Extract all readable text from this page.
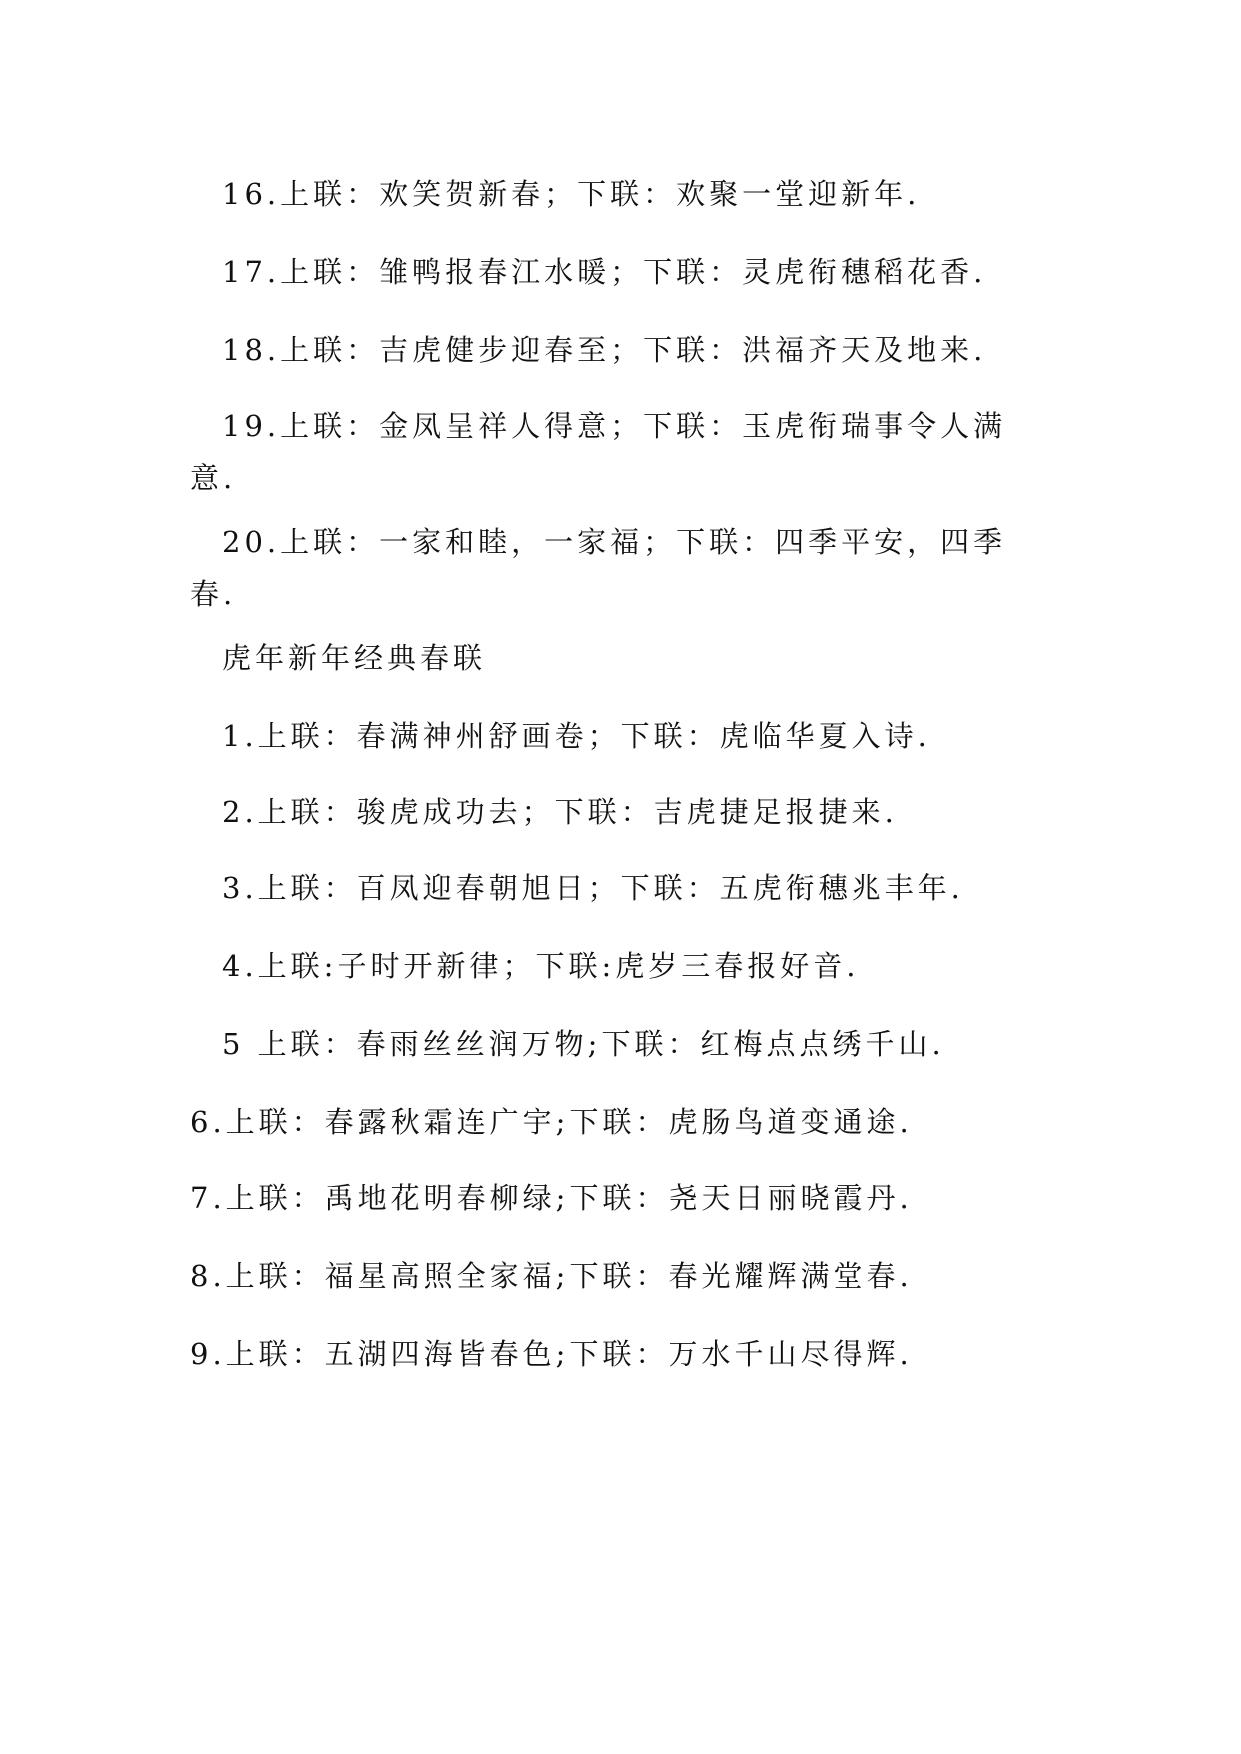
16.上联：欢笑贺新春；下联：欢聚一堂迎新年.
17.上联：雏鸭报春江水暖；下联：灵虎衔穗稻花香.
18.上联：吉虎健步迎春至；下联：洪福齐天及地来.
19.上联：金凤呈祥人得意；下联：玉虎衔瑞事令人满意.
20.上联：一家和睦，一家福；下联：四季平安，四季春.
虎年新年经典春联
1.上联：春满神州舒画卷；下联：虎临华夏入诗.
2.上联：骏虎成功去；下联：吉虎捷足报捷来.
3.上联：百凤迎春朝旭日；下联：五虎衔穗兆丰年.
4.上联:子时开新律；下联:虎岁三春报好音.
5 上联：春雨丝丝润万物;下联：红梅点点绣千山.
6.上联：春露秋霜连广宇;下联：虎肠鸟道变通途.
7.上联：禹地花明春柳绿;下联：尧天日丽晓霞丹.
8.上联：福星高照全家福;下联：春光耀辉满堂春.
9.上联：五湖四海皆春色;下联：万水千山尽得辉.
